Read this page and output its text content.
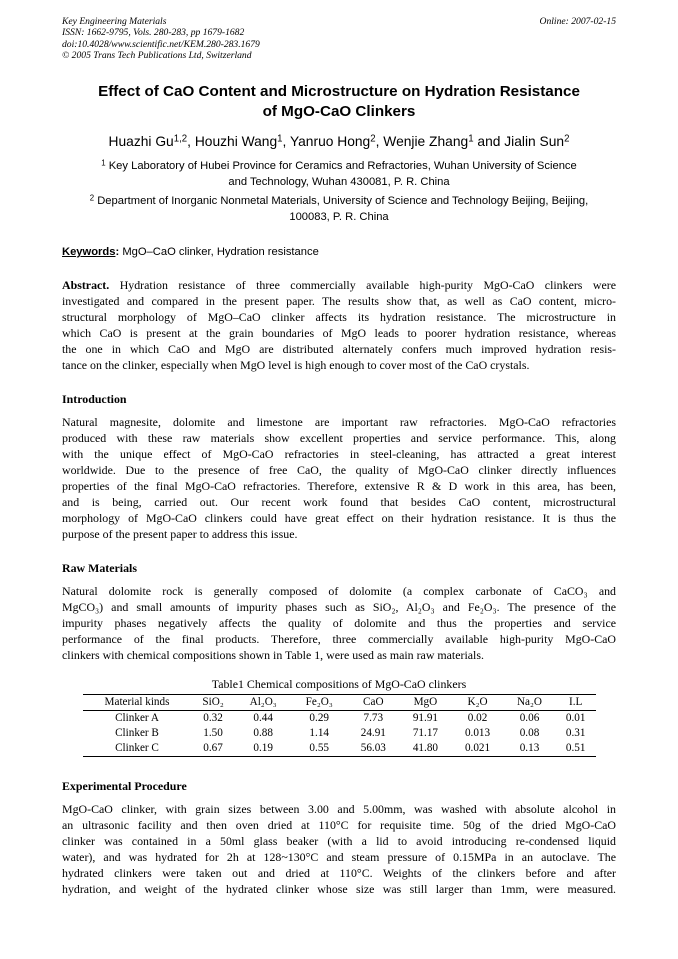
Key Engineering Materials
ISSN: 1662-9795, Vols. 280-283, pp 1679-1682
doi:10.4028/www.scientific.net/KEM.280-283.1679
© 2005 Trans Tech Publications Ltd, Switzerland
Online: 2007-02-15
Effect of CaO Content and Microstructure on Hydration Resistance
of MgO-CaO Clinkers
Huazhi Gu$^{1,2}$, Houzhi Wang$^1$, Yanruo Hong$^2$, Wenjie Zhang$^1$ and Jialin Sun$^2$
$^1$ Key Laboratory of Hubei Province for Ceramics and Refractories, Wuhan University of Science
and Technology, Wuhan 430081, P. R. China
$^2$ Department of Inorganic Nonmetal Materials, University of Science and Technology Beijing, Beijing,
100083, P. R. China
Keywords: MgO–CaO clinker, Hydration resistance
Abstract. Hydration resistance of three commercially available high-purity MgO-CaO clinkers were
investigated and compared in the present paper. The results show that, as well as CaO content, micro-
structural morphology of MgO–CaO clinker affects its hydration resistance. The microstructure in
which CaO is present at the grain boundaries of MgO leads to poorer hydration resistance, whereas
the one in which CaO and MgO are distributed alternately confers much improved hydration resis-
tance on the clinker, especially when MgO level is high enough to cover most of the CaO crystals.
Introduction
Natural magnesite, dolomite and limestone are important raw refractories. MgO-CaO refractories
produced with these raw materials show excellent properties and service performance. This, along
with the unique effect of MgO-CaO refractories in steel-cleaning, has attracted a great interest
worldwide. Due to the presence of free CaO, the quality of MgO-CaO clinker directly influences
properties of the final MgO-CaO refractories. Therefore, extensive R & D work in this area, has been,
and is being, carried out. Our recent work found that besides CaO content, microstructural
morphology of MgO-CaO clinkers could have great effect on their hydration resistance. It is thus the
purpose of the present paper to address this issue.
Raw Materials
Natural dolomite rock is generally composed of dolomite (a complex carbonate of CaCO₃ and
MgCO₃) and small amounts of impurity phases such as SiO₂, Al₂O₃ and Fe₂O₃. The presence of the
impurity phases negatively affects the quality of dolomite and thus the properties and service
performance of the final products. Therefore, three commercially available high-purity MgO-CaO
clinkers with chemical compositions shown in Table 1, were used as main raw materials.
Table1 Chemical compositions of MgO-CaO clinkers
Material kinds	SiO₂	Al₂O₃	Fe₂O₃	CaO	MgO	K₂O	Na₂O	I.L
Clinker A	0.32	0.44	0.29	7.73	91.91	0.02	0.06	0.01
Clinker B	1.50	0.88	1.14	24.91	71.17	0.013	0.08	0.31
Clinker C	0.67	0.19	0.55	56.03	41.80	0.021	0.13	0.51
Experimental Procedure
MgO-CaO clinker, with grain sizes between 3.00 and 5.00mm, was washed with absolute alcohol in
an ultrasonic facility and then oven dried at 110°C for requisite time. 50g of the dried MgO-CaO
clinker was contained in a 50ml glass beaker (with a lid to avoid introducing re-condensed liquid
water), and was hydrated for 2h at 128~130°C and steam pressure of 0.15MPa in an autoclave. The
hydrated clinkers were taken out and dried at 110°C. Weights of the clinkers before and after
hydration, and weight of the hydrated clinker whose size was still larger than 1mm, were measured.
